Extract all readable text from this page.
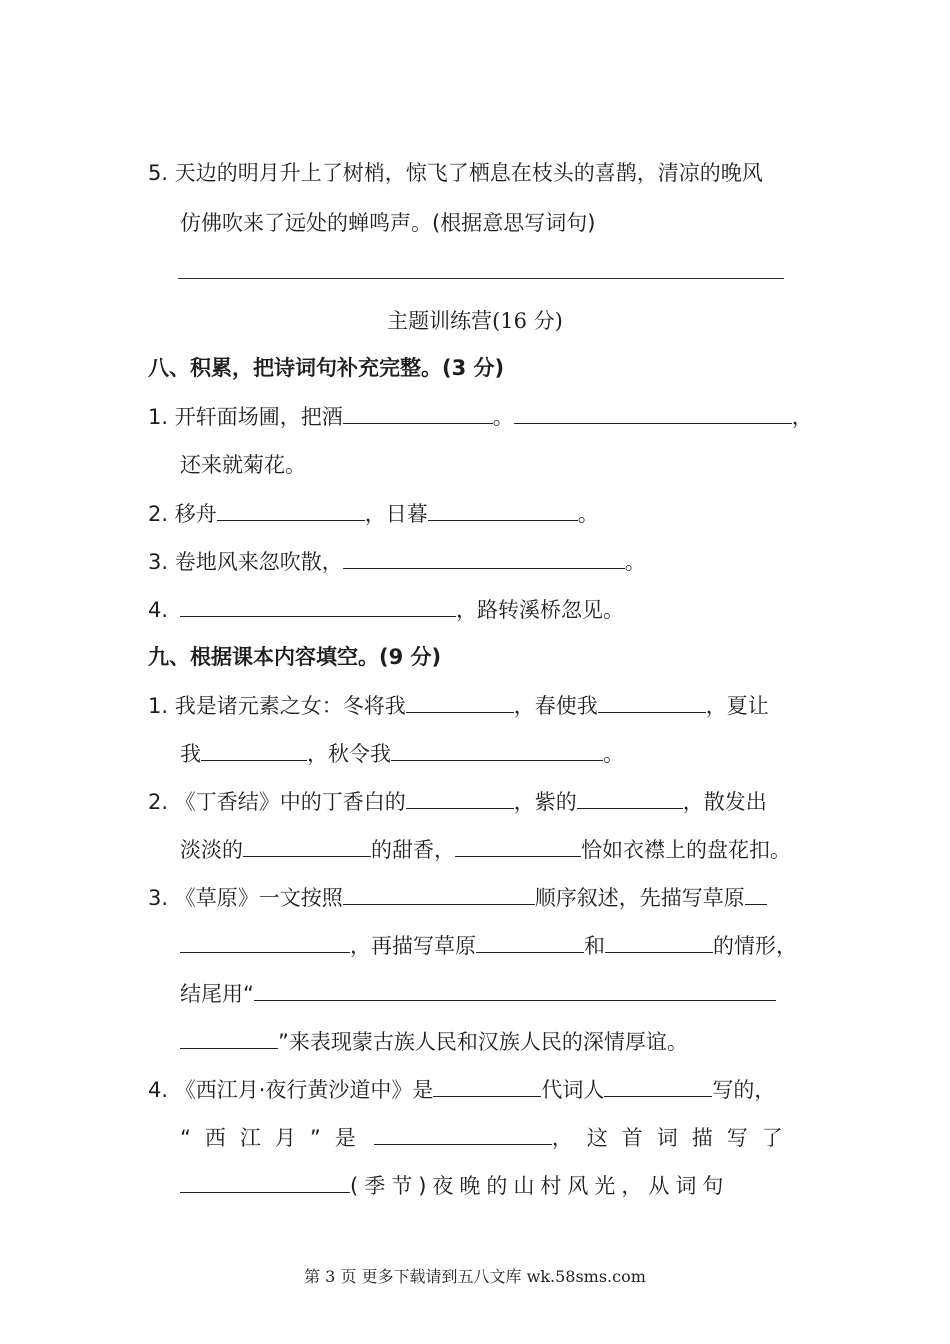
5. 天边的明月升上了树梢，惊飞了栖息在枝头的喜鹊，清凉的晚风
仿佛吹来了远处的蝉鸣声。(根据意思写词句)
主题训练营(16 分)
八、积累，把诗词句补充完整。(3 分)
1. 开轩面场圃，把酒	。	，
还来就菊花。
2. 移舟	，日暮	。
3. 卷地风来忽吹散，	。
4.	，路转溪桥忽见。
九、根据课本内容填空。(9 分)
1. 我是诸元素之女：冬将我	，春使我	，夏让
我	，秋令我	。
2. 《丁香结》中的丁香白的	，紫的	，散发出
淡淡的	的甜香，	恰如衣襟上的盘花扣。
3. 《草原》一文按照	顺序叙述，先描写草原
，再描写草原	和	的情形，
结尾用“
”来表现蒙古族人民和汉族人民的深情厚谊。
4. 《西江月·夜行黄沙道中》是	代词人	写的，
“西江月”是	，这首词描写了
(季节)夜晚的山村风光，从词句
第 3 页 更多下载请到五八文库 wk.58sms.com
